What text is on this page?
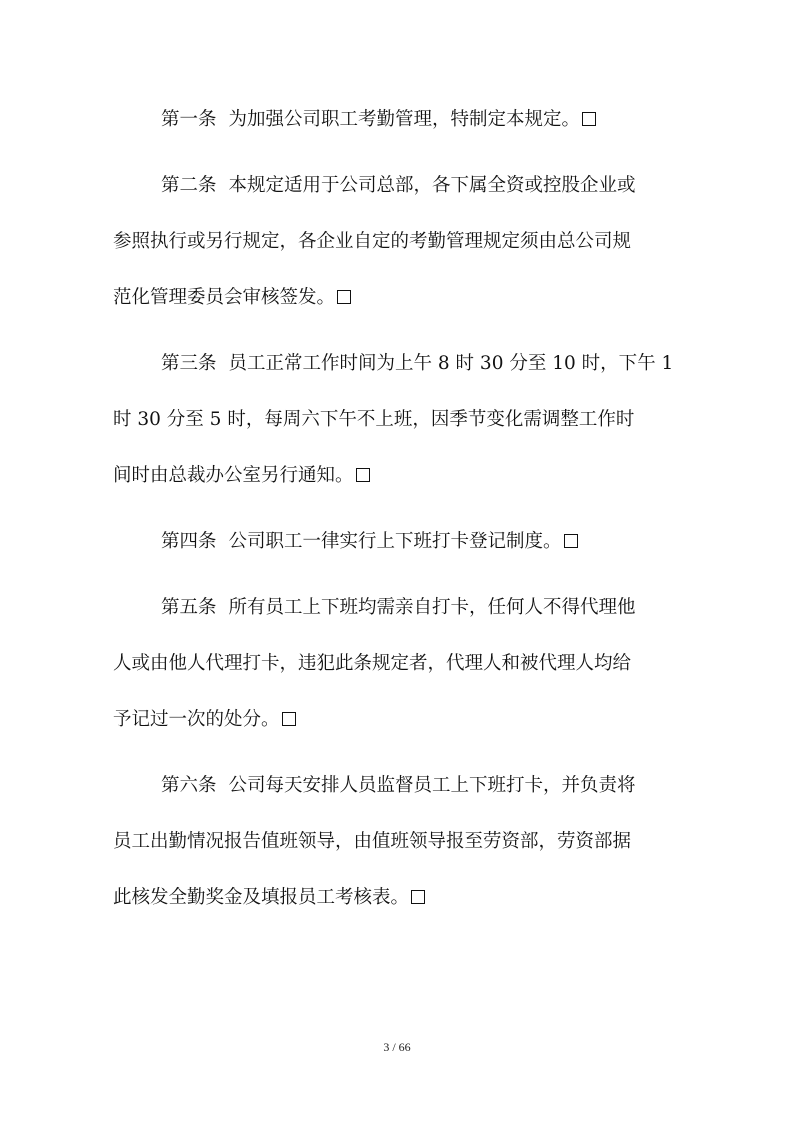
第一条 为加强公司职工考勤管理，特制定本规定。
第二条 本规定适用于公司总部，各下属全资或控股企业或
参照执行或另行规定，各企业自定的考勤管理规定须由总公司规
范化管理委员会审核签发。
第三条 员工正常工作时间为上午 8 时 30 分至 10 时，下午 1
时 30 分至 5 时，每周六下午不上班，因季节变化需调整工作时
间时由总裁办公室另行通知。
第四条 公司职工一律实行上下班打卡登记制度。
第五条 所有员工上下班均需亲自打卡，任何人不得代理他
人或由他人代理打卡，违犯此条规定者，代理人和被代理人均给
予记过一次的处分。
第六条 公司每天安排人员监督员工上下班打卡，并负责将
员工出勤情况报告值班领导，由值班领导报至劳资部，劳资部据
此核发全勤奖金及填报员工考核表。
3 / 66
